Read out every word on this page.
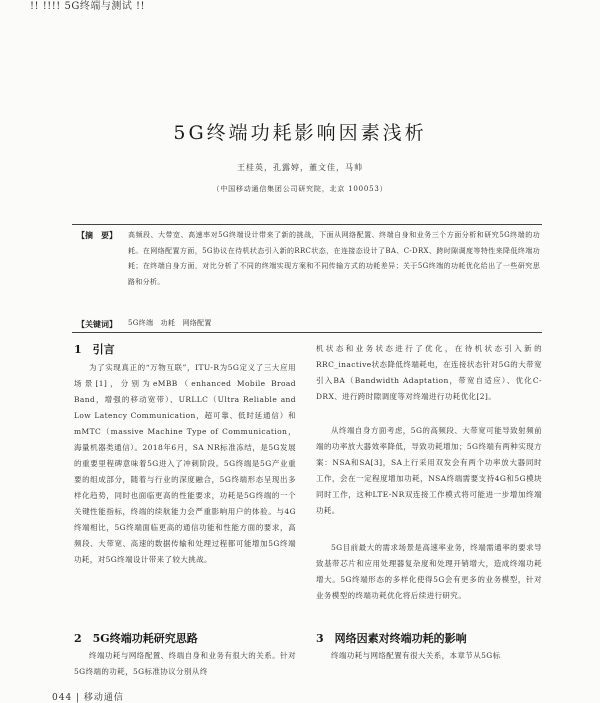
!! !!!! 5G终端与测试 !!
5G终端功耗影响因素浅析
王桂英，孔露婷，董文佳，马帅
（中国移动通信集团公司研究院，北京 100053）
【摘　要】 高频段、大带宽、高速率对5G终端设计带来了新的挑战，下面从网络配置、终端自身和业务三个方面分析和研究5G终端的功耗。在网络配置方面，5G协议在待机状态引入新的RRC状态，在连接态设计了BA、C-DRX、跨时隙调度等特性来降低终端功耗；在终端自身方面，对比分析了不同的终端实现方案和不同传输方式的功耗差异；关于5G终端的功耗优化给出了一些研究思路和分析。
【关键词】 5G终端　功耗　网络配置
1　引言
为了实现真正的“万物互联”，ITU-R为5G定义了三大应用场景[1]，分别为eMBB（enhanced Mobile Broad Band，增强的移动宽带）、URLLC（Ultra Reliable and Low Latency Communication，超可靠、低时延通信）和mMTC（massive Machine Type of Communication，海量机器类通信）。2018年6月，SA NR标准冻结，是5G发展的重要里程碑意味着5G进入了冲刺阶段。5G终端是5G产业重要的组成部分，随着与行业的深度融合，5G终端形态呈现出多样化趋势，同时也面临更高的性能要求，功耗是5G终端的一个关键性能指标，终端的续航能力会严重影响用户的体验。与4G终端相比，5G终端面临更高的通信功能和性能方面的要求，高频段、大带宽、高速的数据传输和处理过程都可能增加5G终端功耗，对5G终端设计带来了较大挑战。
2　5G终端功耗研究思路
终端功耗与网络配置、终端自身和业务有很大的关系。针对5G终端的功耗，5G标准协议分别从终
机状态和业务状态进行了优化，在待机状态引入新的RRC_inactive状态降低终端耗电，在连接状态针对5G的大带宽引入BA（Bandwidth Adaptation，带宽自适应）、优化C-DRX、进行跨时隙调度等对终端进行功耗优化[2]。
从终端自身方面考虑，5G的高频段、大带宽可能导致射频前端的功率放大器效率降低，导致功耗增加；5G终端有两种实现方案：NSA和SA[3]，SA上行采用双发会有两个功率放大器同时工作，会在一定程度增加功耗，NSA终端需要支持4G和5G模块同时工作，这种LTE-NR双连接工作模式将可能进一步增加终端功耗。
5G目前最大的需求场景是高速率业务，终端需通率的要求导致基带芯片和应用处理器复杂度和处理开销增大，造成终端功耗增大。5G终端形态的多样化使得5G会有更多的业务模型，针对业务模型的终端功耗优化将后续进行研究。
3　网络因素对终端功耗的影响
终端功耗与网络配置有很大关系，本章节从5G标
044 | 移动通信
